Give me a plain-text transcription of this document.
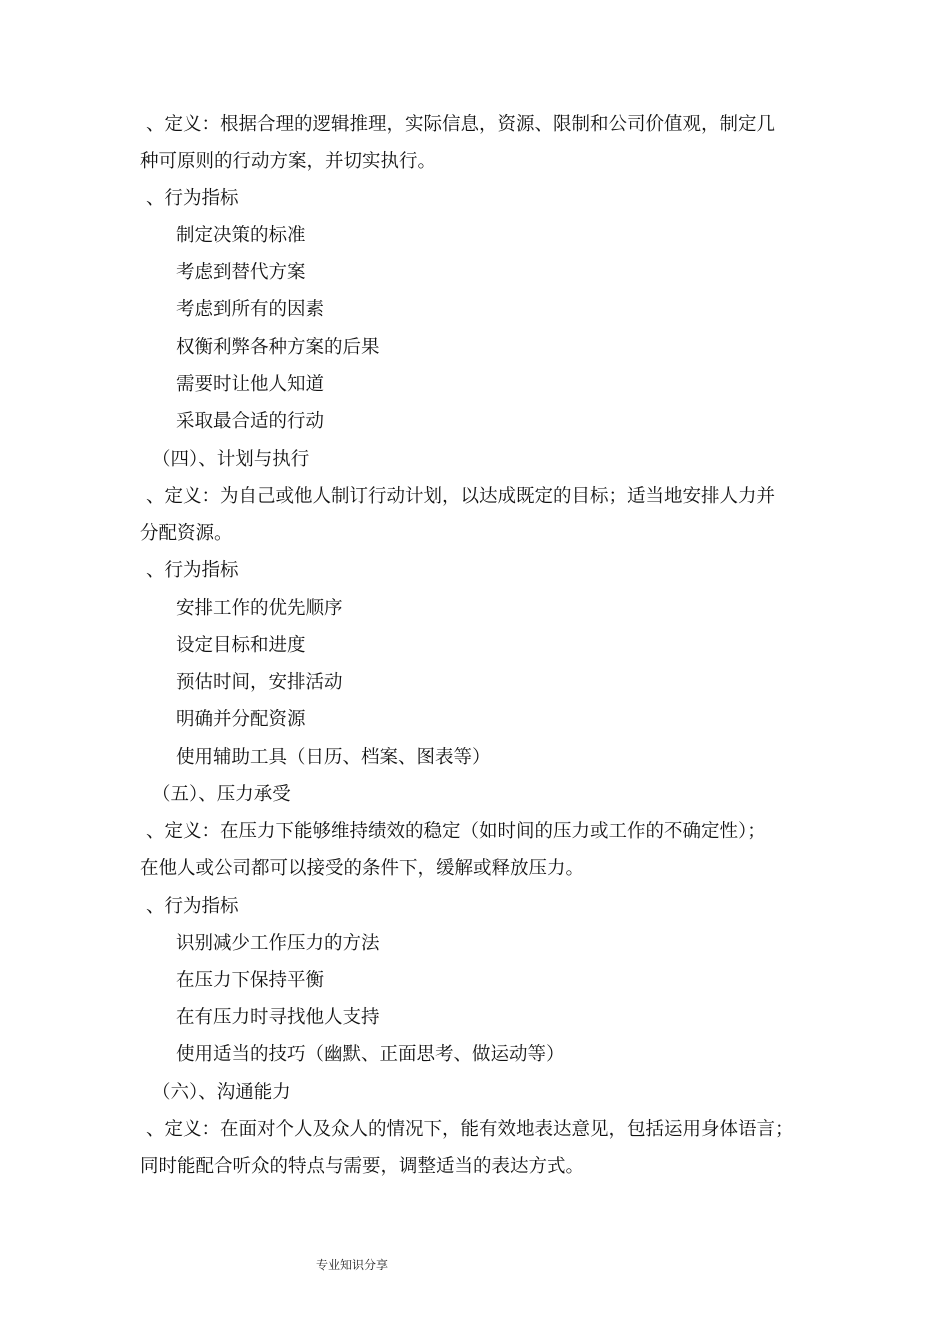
、定义：根据合理的逻辑推理，实际信息，资源、限制和公司价值观，制定几
种可原则的行动方案，并切实执行。
、行为指标
制定决策的标准
考虑到替代方案
考虑到所有的因素
权衡利弊各种方案的后果
需要时让他人知道
采取最合适的行动
（四）、计划与执行
、定义：为自己或他人制订行动计划，以达成既定的目标；适当地安排人力并
分配资源。
、行为指标
安排工作的优先顺序
设定目标和进度
预估时间，安排活动
明确并分配资源
使用辅助工具（日历、档案、图表等）
（五）、压力承受
、定义：在压力下能够维持绩效的稳定（如时间的压力或工作的不确定性）；
在他人或公司都可以接受的条件下，缓解或释放压力。
、行为指标
识别减少工作压力的方法
在压力下保持平衡
在有压力时寻找他人支持
使用适当的技巧（幽默、正面思考、做运动等）
（六）、沟通能力
、定义：在面对个人及众人的情况下，能有效地表达意见，包括运用身体语言；
同时能配合听众的特点与需要，调整适当的表达方式。
专业知识分享
